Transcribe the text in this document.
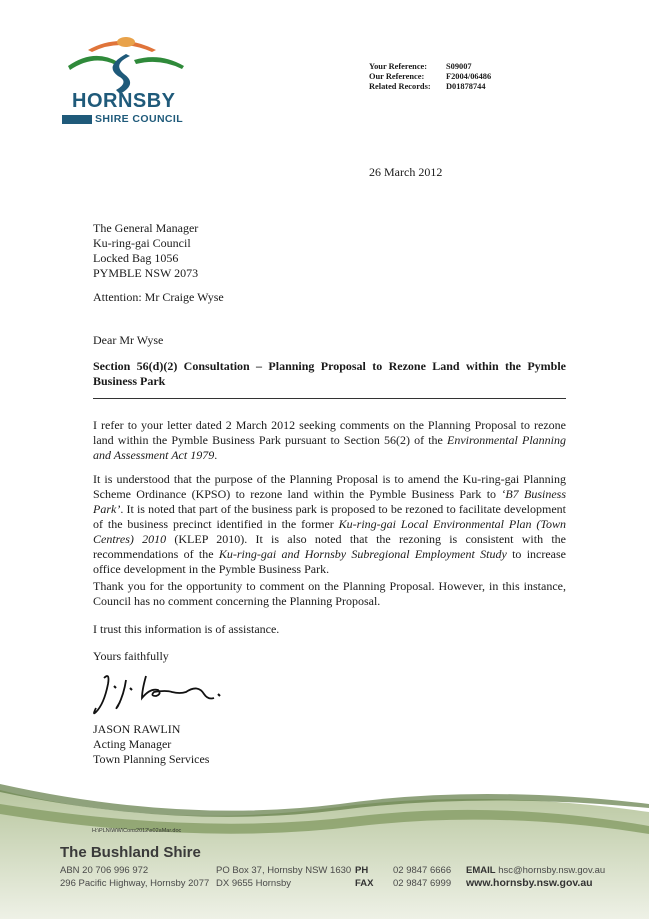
HORNSBY
SHIRE COUNCIL
Your Reference:	S09007
Our Reference:	F2004/06486
Related Records:	D01878744
26 March 2012
The General Manager
Ku-ring-gai Council
Locked Bag 1056
PYMBLE NSW 2073
Attention: Mr Craige Wyse
Dear Mr Wyse
Section 56(d)(2) Consultation – Planning Proposal to Rezone Land within the Pymble Business Park
I refer to your letter dated 2 March 2012 seeking comments on the Planning Proposal to rezone land within the Pymble Business Park pursuant to Section 56(2) of the Environmental Planning and Assessment Act 1979.
It is understood that the purpose of the Planning Proposal is to amend the Ku-ring-gai Planning Scheme Ordinance (KPSO) to rezone land within the Pymble Business Park to ‘B7 Business Park’. It is noted that part of the business park is proposed to be rezoned to facilitate development of the business precinct identified in the former Ku-ring-gai Local Environmental Plan (Town Centres) 2010 (KLEP 2010). It is also noted that the rezoning is consistent with the recommendations of the Ku-ring-gai and Hornsby Subregional Employment Study to increase office development in the Pymble Business Park.
Thank you for the opportunity to comment on the Planning Proposal. However, in this instance, Council has no comment concerning the Planning Proposal.
I trust this information is of assistance.
Yours faithfully
JASON RAWLIN
Acting Manager
Town Planning Services
H:\PLN\WW\Cons2012\s02aMar.doc
The Bushland Shire
ABN 20 706 996 972
296 Pacific Highway, Hornsby 2077
PO Box 37, Hornsby NSW 1630
DX 9655 Hornsby
PH	02 9847 6666
FAX	02 9847 6999
EMAIL hsc@hornsby.nsw.gov.au
www.hornsby.nsw.gov.au
